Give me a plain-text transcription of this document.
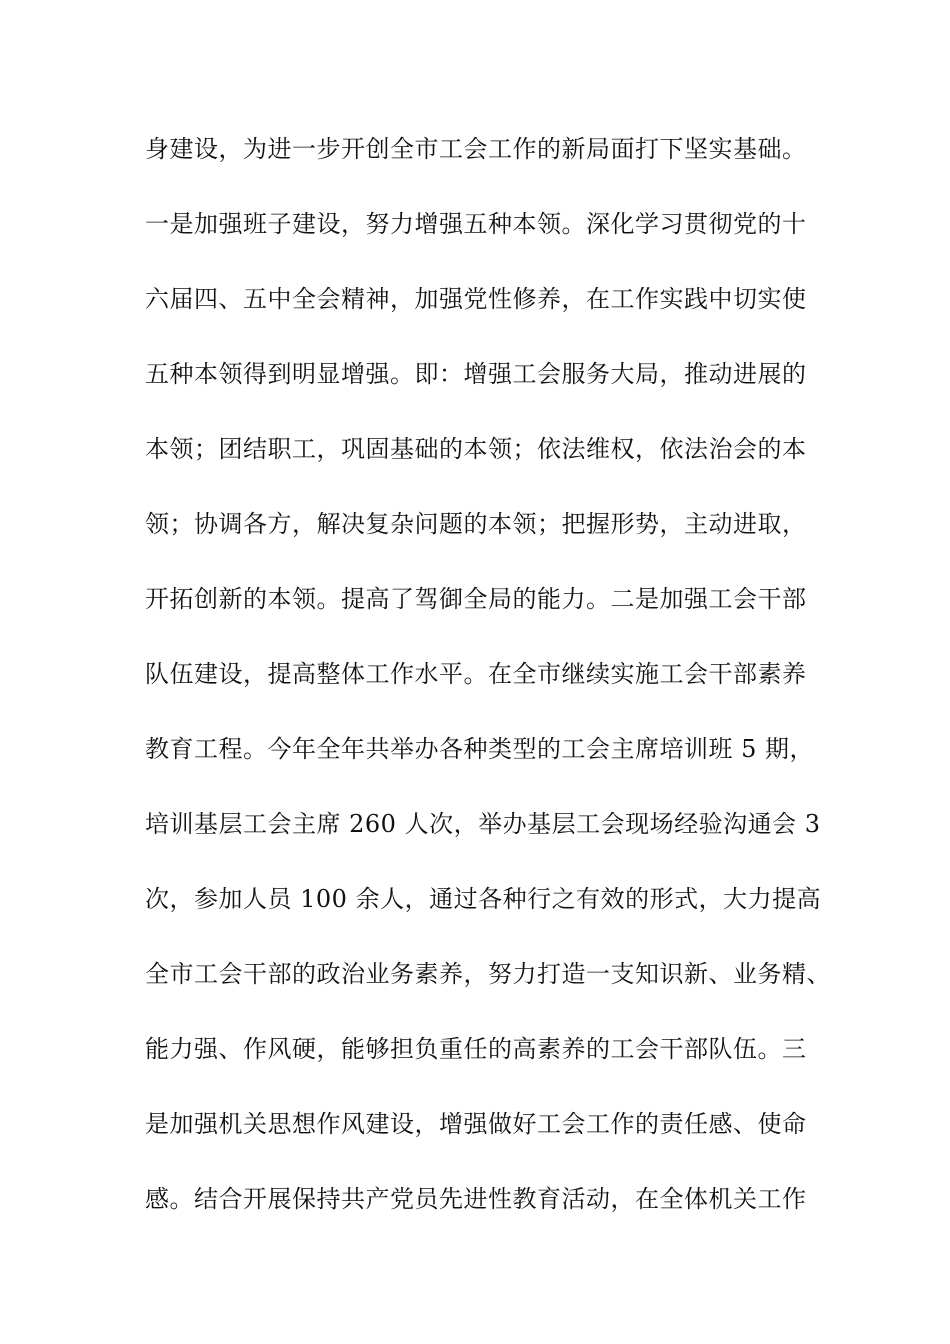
身建设，为进一步开创全市工会工作的新局面打下坚实基础。
一是加强班子建设，努力增强五种本领。深化学习贯彻党的十
六届四、五中全会精神，加强党性修养，在工作实践中切实使
五种本领得到明显增强。即：增强工会服务大局，推动进展的
本领；团结职工，巩固基础的本领；依法维权，依法治会的本
领；协调各方，解决复杂问题的本领；把握形势，主动进取，
开拓创新的本领。提高了驾御全局的能力。二是加强工会干部
队伍建设，提高整体工作水平。在全市继续实施工会干部素养
教育工程。今年全年共举办各种类型的工会主席培训班 5 期，
培训基层工会主席 260 人次，举办基层工会现场经验沟通会 3
次，参加人员 100 余人，通过各种行之有效的形式，大力提高
全市工会干部的政治业务素养，努力打造一支知识新、业务精、
能力强、作风硬，能够担负重任的高素养的工会干部队伍。三
是加强机关思想作风建设，增强做好工会工作的责任感、使命
感。结合开展保持共产党员先进性教育活动，在全体机关工作
